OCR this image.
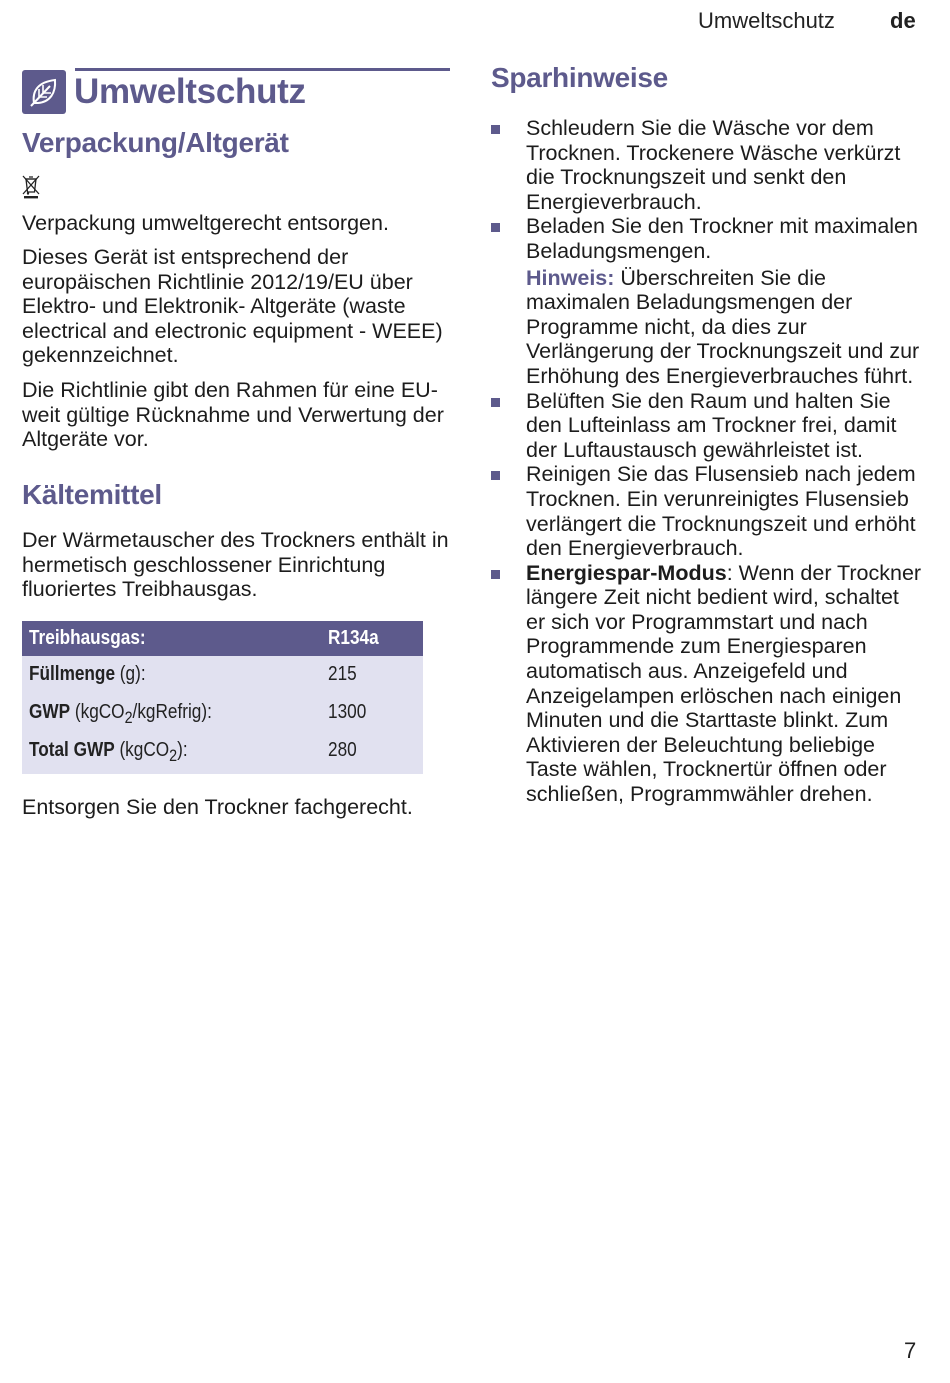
Umweltschutz	de
Umweltschutz
Verpackung/Altgerät

Verpackung umweltgerecht entsorgen.

Dieses Gerät ist entsprechend der europäischen Richtlinie 2012/19/EU über Elektro- und Elektronik- Altgeräte (waste electrical and electronic equipment - WEEE) gekennzeichnet.

Die Richtlinie gibt den Rahmen für eine EU-weit gültige Rücknahme und Verwertung der Altgeräte vor.

Kältemittel

Der Wärmetauscher des Trockners enthält in hermetisch geschlossener Einrichtung fluoriertes Treibhausgas.

Treibhausgas:	R134a
Füllmenge (g):	215
GWP (kgCO$_2$/kgRefrig):	1300
Total GWP (kgCO$_2$):	280

Entsorgen Sie den Trockner fachgerecht.

Sparhinweise
Schleudern Sie die Wäsche vor dem Trocknen. Trockenere Wäsche verkürzt die Trocknungszeit und senkt den Energieverbrauch.
Beladen Sie den Trockner mit maximalen Beladungsmengen.
Hinweis: Überschreiten Sie die maximalen Beladungsmengen der Programme nicht, da dies zur Verlängerung der Trocknungszeit und zur Erhöhung des Energieverbrauches führt.
Belüften Sie den Raum und halten Sie den Lufteinlass am Trockner frei, damit der Luftaustausch gewährleistet ist.
Reinigen Sie das Flusensieb nach jedem Trocknen. Ein verunreinigtes Flusensieb verlängert die Trocknungszeit und erhöht den Energieverbrauch.
Energiespar-Modus: Wenn der Trockner längere Zeit nicht bedient wird, schaltet er sich vor Programmstart und nach Programmende zum Energiesparen automatisch aus. Anzeigefeld und Anzeigelampen erlöschen nach einigen Minuten und die Starttaste blinkt. Zum Aktivieren der Beleuchtung beliebige Taste wählen, Trocknertür öffnen oder schließen, Programmwähler drehen.
7
